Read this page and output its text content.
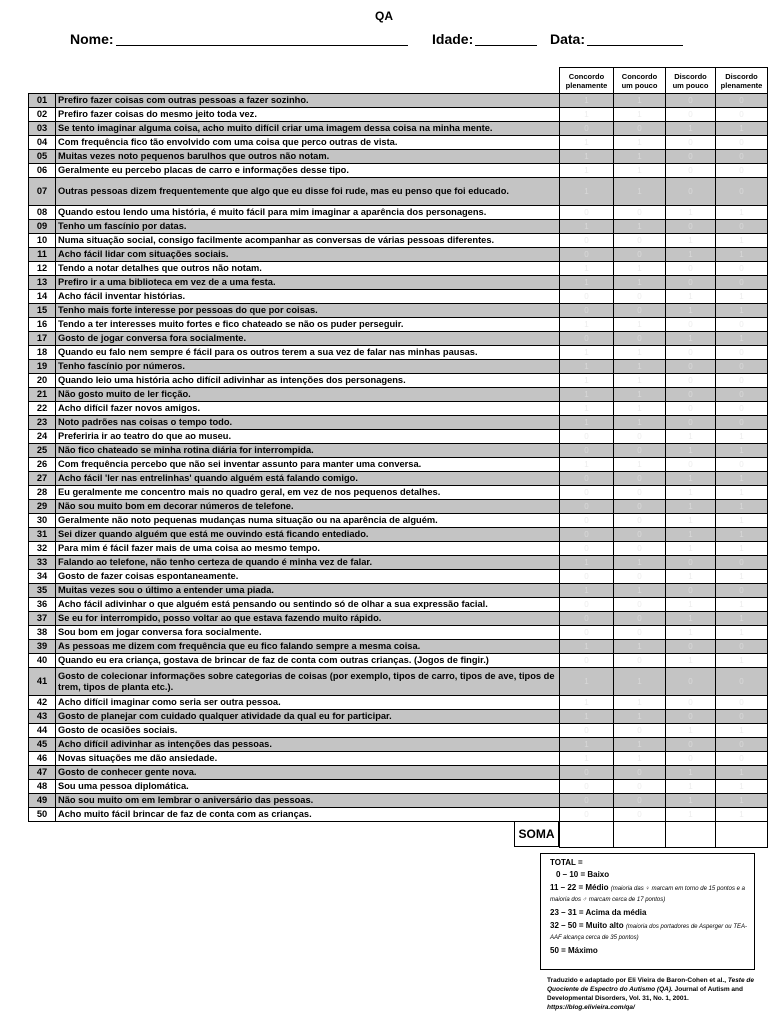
QA
Nome:	Idade:	Data:
		Concordo plenamente	Concordo um pouco	Discordo um pouco	Discordo plenamente
01	Prefiro fazer coisas com outras pessoas a fazer sozinho.	1	1	0	0
02	Prefiro fazer coisas do mesmo jeito toda vez.	1	1	0	0
03	Se tento imaginar alguma coisa, acho muito difícil criar uma imagem dessa coisa na minha mente.	0	0	1	1
04	Com frequência fico tão envolvido com uma coisa que perco outras de vista.	1	1	0	0
05	Muitas vezes noto pequenos barulhos que outros não notam.	1	1	0	0
06	Geralmente eu percebo placas de carro e informações desse tipo.	1	1	0	0
07	Outras pessoas dizem frequentemente que algo que eu disse foi rude, mas eu penso que foi educado.	1	1	0	0
08	Quando estou lendo uma história, é muito fácil para mim imaginar a aparência dos personagens.	0	0	1	1
09	Tenho um fascínio por datas.	1	1	0	0
10	Numa situação social, consigo facilmente acompanhar as conversas de várias pessoas diferentes.	0	0	1	1
11	Acho fácil lidar com situações sociais.	0	0	1	1
12	Tendo a notar detalhes que outros não notam.	1	1	0	0
13	Prefiro ir a uma biblioteca em vez de a uma festa.	1	1	0	0
14	Acho fácil inventar histórias.	0	0	1	1
15	Tenho mais forte interesse por pessoas do que por coisas.	0	0	1	1
16	Tendo a ter interesses muito fortes e fico chateado se não os puder perseguir.	1	1	0	0
17	Gosto de jogar conversa fora socialmente.	0	0	1	1
18	Quando eu falo nem sempre é fácil para os outros terem a sua vez de falar nas minhas pausas.	1	1	0	0
19	Tenho fascínio por números.	1	1	0	0
20	Quando leio uma história acho difícil adivinhar as intenções dos personagens.	1	1	0	0
21	Não gosto muito de ler ficção.	1	1	0	0
22	Acho difícil fazer novos amigos.	1	1	0	0
23	Noto padrões nas coisas o tempo todo.	1	1	0	0
24	Preferiria ir ao teatro do que ao museu.	0	0	1	1
25	Não fico chateado se minha rotina diária for interrompida.	0	0	1	1
26	Com frequência percebo que não sei inventar assunto para manter uma conversa.	1	1	0	0
27	Acho fácil 'ler nas entrelinhas' quando alguém está falando comigo.	0	0	1	1
28	Eu geralmente me concentro mais no quadro geral, em vez de nos pequenos detalhes.	0	0	1	1
29	Não sou muito bom em decorar números de telefone.	0	0	1	1
30	Geralmente não noto pequenas mudanças numa situação ou na aparência de alguém.	0	0	1	1
31	Sei dizer quando alguém que está me ouvindo está ficando entediado.	0	0	1	1
32	Para mim é fácil fazer mais de uma coisa ao mesmo tempo.	0	0	1	1
33	Falando ao telefone, não tenho certeza de quando é minha vez de falar.	1	1	0	0
34	Gosto de fazer coisas espontaneamente.	0	0	1	1
35	Muitas vezes sou o último a entender uma piada.	1	1	0	0
36	Acho fácil adivinhar o que alguém está pensando ou sentindo só de olhar a sua expressão facial.	0	0	1	1
37	Se eu for interrompido, posso voltar ao que estava fazendo muito rápido.	0	0	1	1
38	Sou bom em jogar conversa fora socialmente.	0	0	1	1
39	As pessoas me dizem com frequência que eu fico falando sempre a mesma coisa.	1	1	0	0
40	Quando eu era criança, gostava de brincar de faz de conta com outras crianças. (Jogos de fingir.)	0	0	1	1
41	Gosto de colecionar informações sobre categorias de coisas (por exemplo, tipos de carro, tipos de ave, tipos de trem, tipos de planta etc.).	1	1	0	0
42	Acho difícil imaginar como seria ser outra pessoa.	1	1	0	0
43	Gosto de planejar com cuidado qualquer atividade da qual eu for participar.	1	1	0	0
44	Gosto de ocasiões sociais.	0	0	1	1
45	Acho difícil adivinhar as intenções das pessoas.	1	1	0	0
46	Novas situações me dão ansiedade.	1	1	0	0
47	Gosto de conhecer gente nova.	0	0	1	1
48	Sou uma pessoa diplomática.	0	0	1	1
49	Não sou muito om em lembrar o aniversário das pessoas.	0	0	1	1
50	Acho muito fácil brincar de faz de conta com as crianças.	0	0	1	1

	SOMA				

TOTAL =
0 – 10 = Baixo
11 – 22 = Médio (maioria das ♀ marcam em torno de 15 pontos e a maioria dos ♂ marcam cerca de 17 pontos)
23 – 31 = Acima da média
32 – 50 = Muito alto (maioria dos portadores de Asperger ou TEA-AAF alcança cerca de 35 pontos)
50 = Máximo
Traduzido e adaptado por Eli Vieira de Baron-Cohen et al., Teste de Quociente de Espectro do Autismo (QA). Journal of Autism and Developmental Disorders, Vol. 31, No. 1, 2001. https://blog.elivieira.com/qa/
